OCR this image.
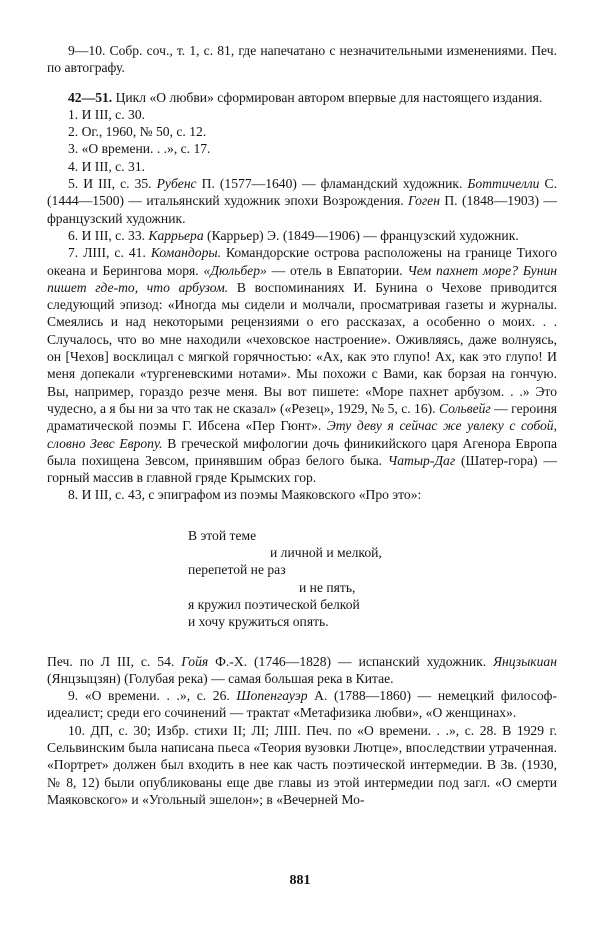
9—10. Собр. соч., т. 1, с. 81, где напечатано с незначительными изменениями. Печ. по автографу.

42—51. Цикл «О любви» сформирован автором впервые для настоящего издания.

1. И III, с. 30.

2. Ог., 1960, № 50, с. 12.

3. «О времени. . .», с. 17.

4. И III, с. 31.

5. И III, с. 35. Рубенс П. (1577—1640) — фламандский художник. Боттичелли С. (1444—1500) — итальянский художник эпохи Возрождения. Гоген П. (1848—1903) — французский художник.

6. И III, с. 33. Каррьера (Каррьер) Э. (1849—1906) — французский художник.

7. ЛIII, с. 41. Командоры. Командорские острова расположены на границе Тихого океана и Берингова моря. «Дюльбер» — отель в Евпатории. Чем пахнет море? Бунин пишет где-то, что арбузом. В воспоминаниях И. Бунина о Чехове приводится следующий эпизод: «Иногда мы сидели и молчали, просматривая газеты и журналы. Смеялись и над некоторыми рецензиями о его рассказах, а особенно о моих. . . Случалось, что во мне находили «чеховское настроение». Оживляясь, даже волнуясь, он [Чехов] восклицал с мягкой горячностью: «Ах, как это глупо! Ах, как это глупо! И меня допекали «тургеневскими нотами». Мы похожи с Вами, как борзая на гончую. Вы, например, гораздо резче меня. Вы вот пишете: «Море пахнет арбузом. . .» Это чудесно, а я бы ни за что так не сказал» («Резец», 1929, № 5, с. 16). Сольвейг — героиня драматической поэмы Г. Ибсена «Пер Гюнт». Эту деву я сейчас же увлеку с собой, словно Зевс Европу. В греческой мифологии дочь финикийского царя Агенора Европа была похищена Зевсом, принявшим образ белого быка. Чатыр-Даг (Шатер-гора) — горный массив в главной гряде Крымских гор.

8. И III, с. 43, с эпиграфом из поэмы Маяковского «Про это»:

В этой теме
и личной и мелкой,
перепетой не раз
и не пять,
я кружил поэтической белкой
и хочу кружиться опять.

Печ. по Л III, с. 54. Гойя Ф.-Х. (1746—1828) — испанский художник. Янцзыкиан (Янцзыцзян) (Голубая река) — самая большая река в Китае.

9. «О времени. . .», с. 26. Шопенгауэр А. (1788—1860) — немецкий философ-идеалист; среди его сочинений — трактат «Метафизика любви», «О женщинах».

10. ДП, с. 30; Избр. стихи II; ЛI; ЛIII. Печ. по «О времени. . .», с. 28. В 1929 г. Сельвинским была написана пьеса «Теория вузовки Лютце», впоследствии утраченная. «Портрет» должен был входить в нее как часть поэтической интермедии. В Зв. (1930, № 8, 12) были опубликованы еще две главы из этой интермедии под загл. «О смерти Маяковского» и «Угольный эшелон»; в «Вечерней Мо-

881
